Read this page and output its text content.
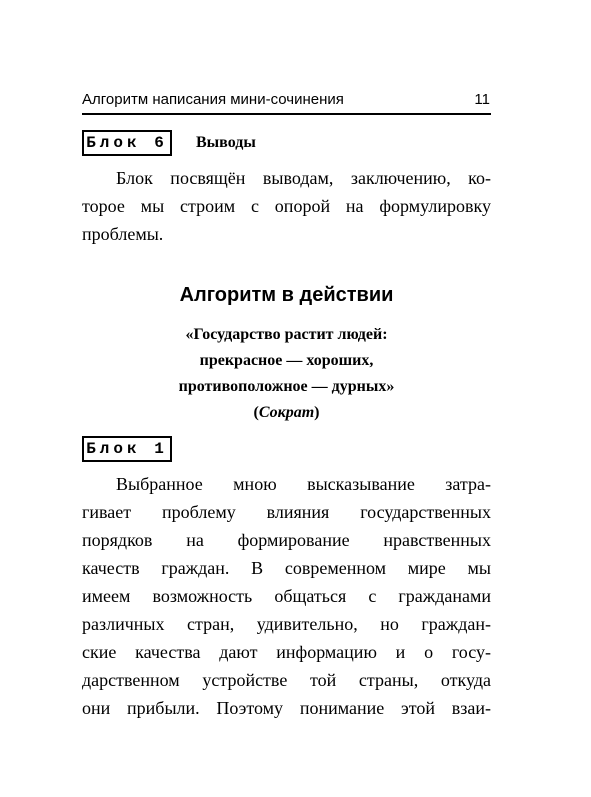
Алгоритм написания мини-сочинения	11
Блок 6 Выводы

Блок посвящён выводам, заключению, ко-
торое мы строим с опорой на формулировку
проблемы.

Алгоритм в действии
«Государство растит людей:
прекрасное — хороших,
противоположное — дурных»
(Сократ)
Блок 1

Выбранное мною высказывание затра-
гивает проблему влияния государственных
порядков на формирование нравственных
качеств граждан. В современном мире мы
имеем возможность общаться с гражданами
различных стран, удивительно, но граждан-
ские качества дают информацию и о госу-
дарственном устройстве той страны, откуда
они прибыли. Поэтому понимание этой взаи-
